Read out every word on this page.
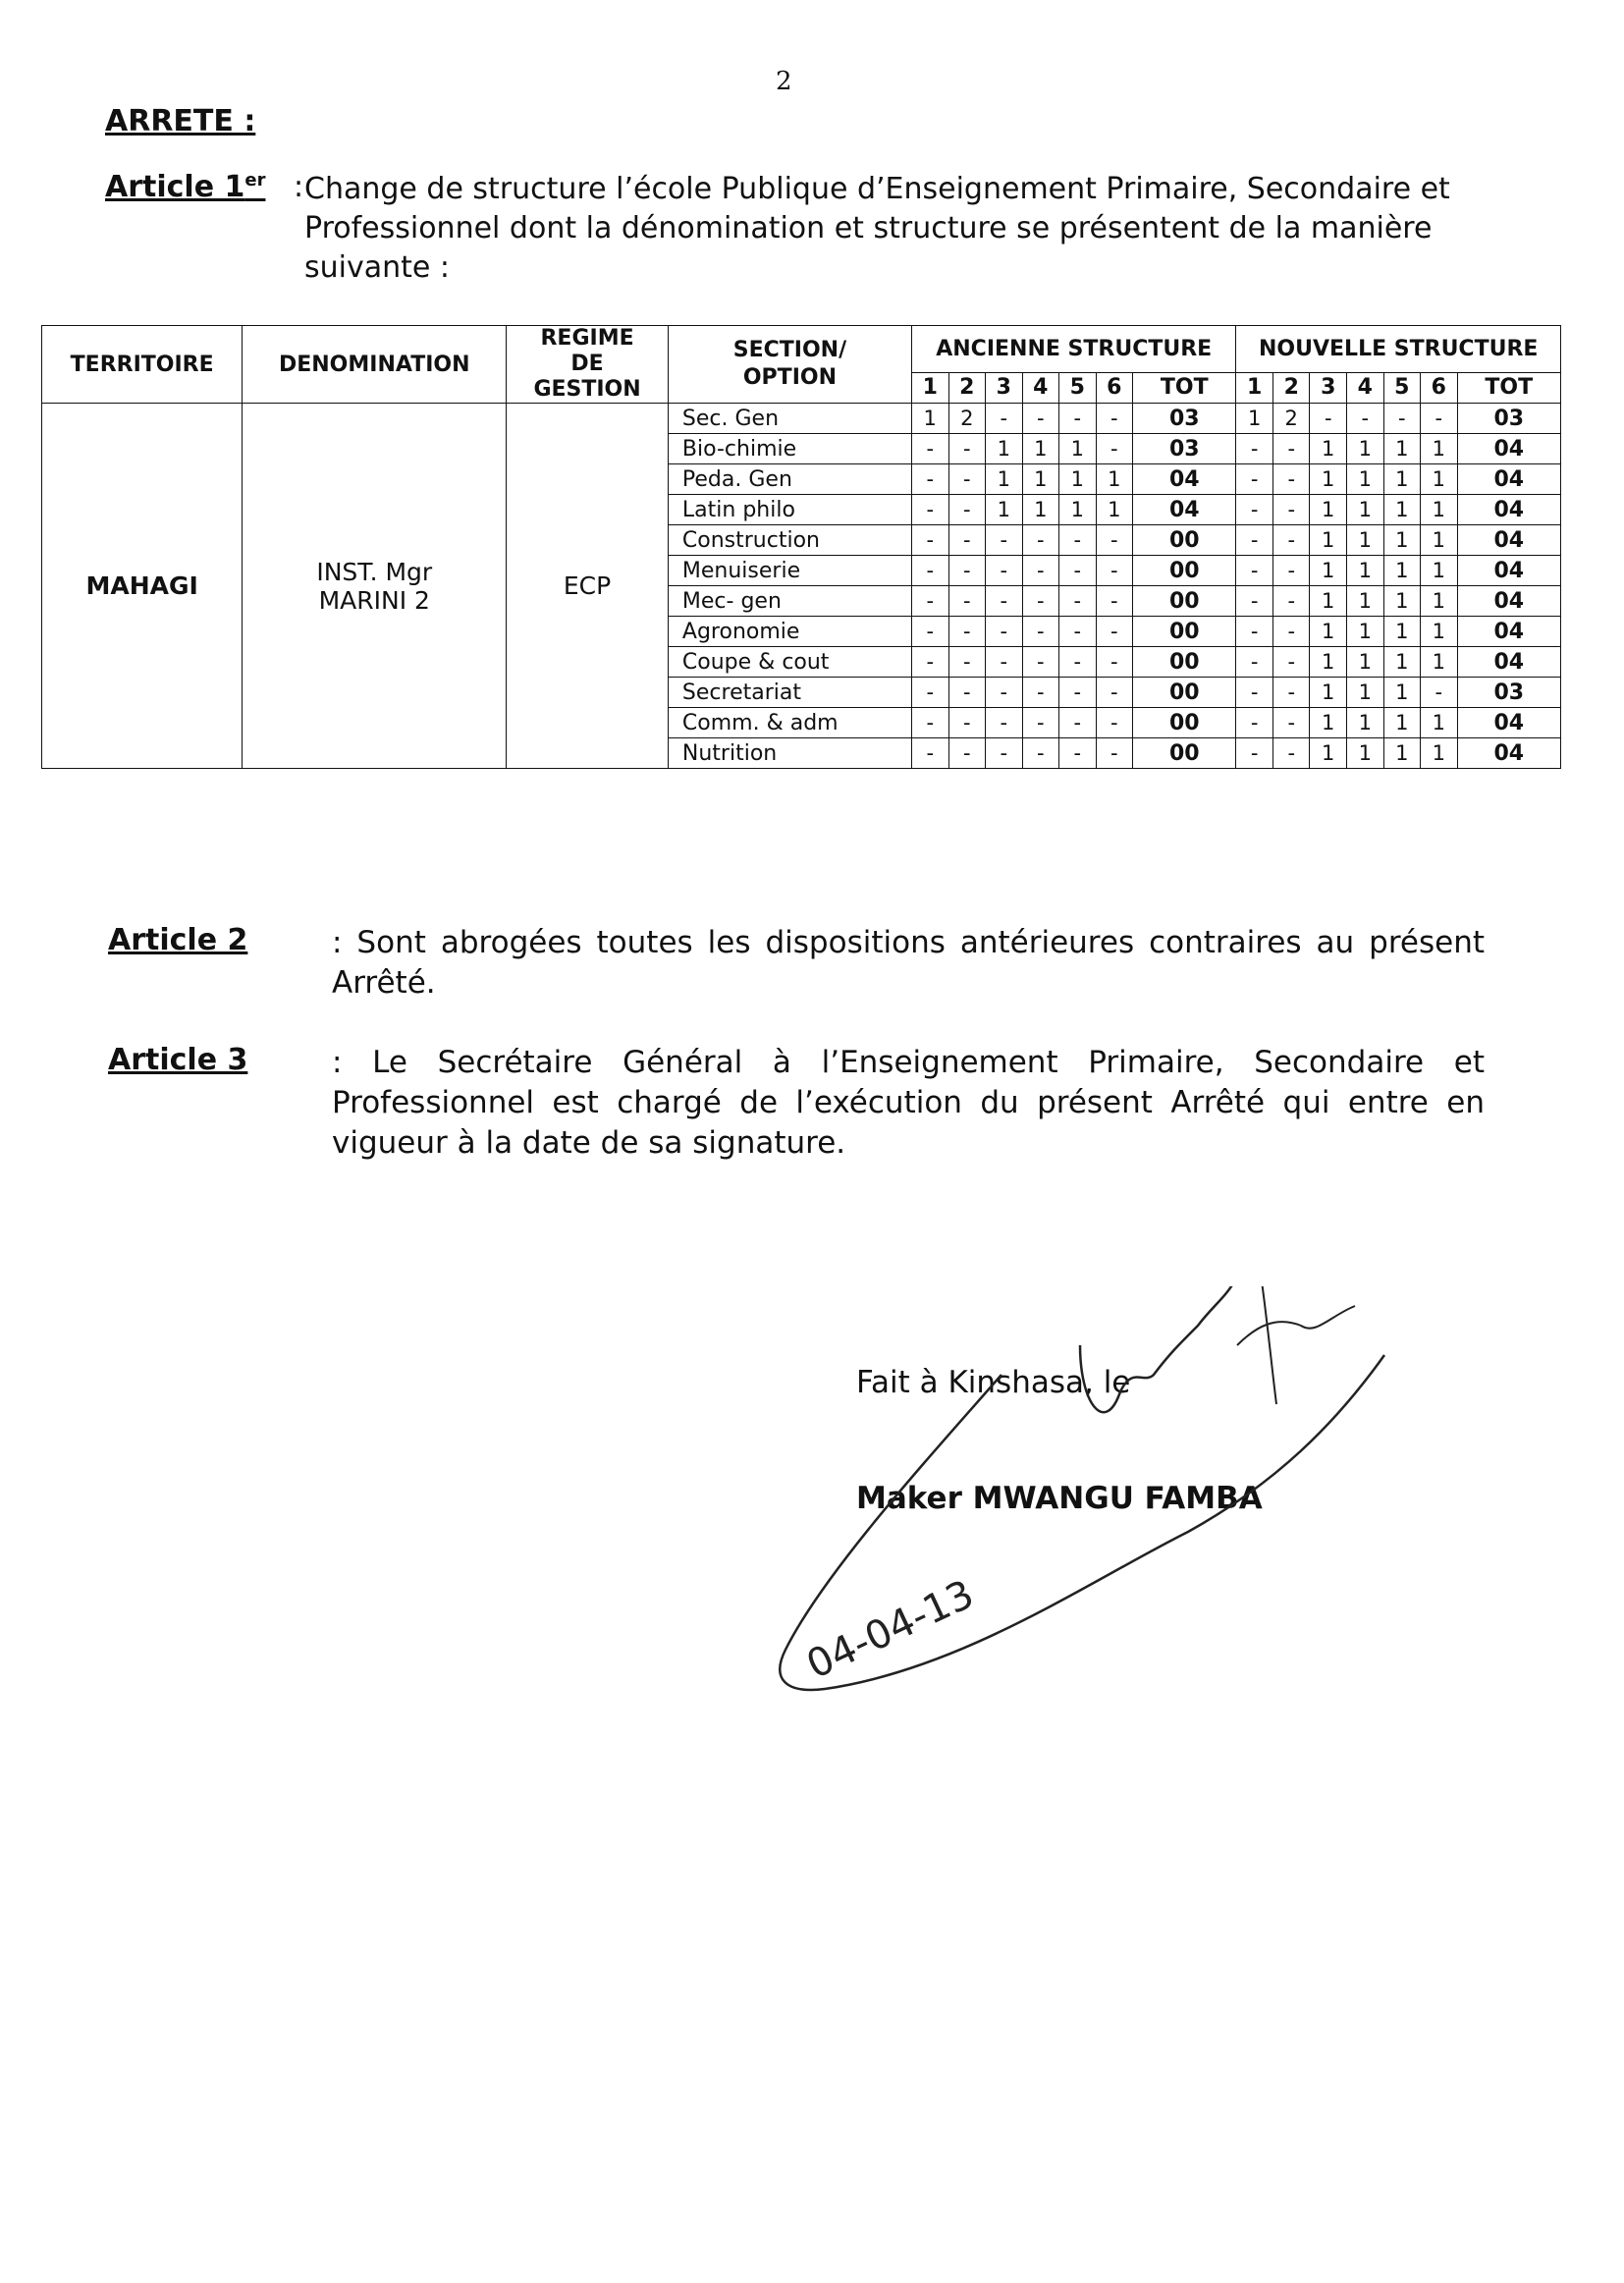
2
ARRETE :
Article 1er : Change de structure l’école Publique d’Enseignement Primaire, Secondaire et Professionnel dont la dénomination et structure se présentent de la manière suivante :
TERRITOIRE	DENOMINATION	REGIME DE GESTION	SECTION/ OPTION	ANCIENNE STRUCTURE							NOUVELLE STRUCTURE						
				1	2	3	4	5	6	TOT	1	2	3	4	5	6	TOT
MAHAGI	INST. Mgr MARINI 2	ECP	Sec. Gen	1	2	-	-	-	-	03	1	2	-	-	-	-	03
			Bio-chimie	-	-	1	1	1	-	03	-	-	1	1	1	1	04
			Peda. Gen	-	-	1	1	1	1	04	-	-	1	1	1	1	04
			Latin philo	-	-	1	1	1	1	04	-	-	1	1	1	1	04
			Construction	-	-	-	-	-	-	00	-	-	1	1	1	1	04
			Menuiserie	-	-	-	-	-	-	00	-	-	1	1	1	1	04
			Mec- gen	-	-	-	-	-	-	00	-	-	1	1	1	1	04
			Agronomie	-	-	-	-	-	-	00	-	-	1	1	1	1	04
			Coupe & cout	-	-	-	-	-	-	00	-	-	1	1	1	1	04
			Secretariat	-	-	-	-	-	-	00	-	-	1	1	1	-	03
			Comm. & adm	-	-	-	-	-	-	00	-	-	1	1	1	1	04
			Nutrition	-	-	-	-	-	-	00	-	-	1	1	1	1	04
Article 2	: Sont abrogées toutes les dispositions antérieures contraires au présent Arrêté.
Article 3	: Le Secrétaire Général à l’Enseignement Primaire, Secondaire et Professionnel est chargé de l’exécution du présent Arrêté qui entre en vigueur à la date de sa signature.
Fait à Kinshasa, le
Maker MWANGU FAMBA
04-04-13
